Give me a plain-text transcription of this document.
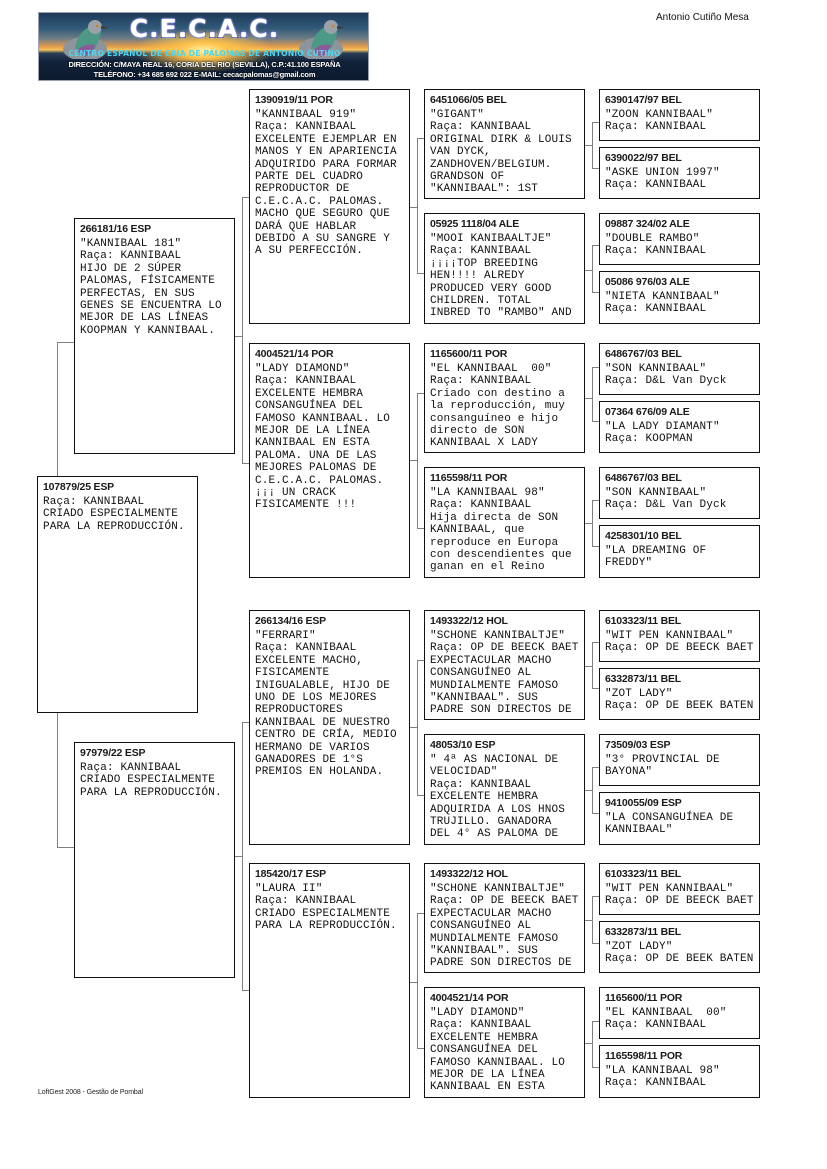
C.E.C.A.C.
CENTRO ESPAÑOL DE CRIA DE PALOMAS DE ANTONIO CUTIÑO
DIRECCIÓN: C/MAYA REAL 16, CORIA DEL RIO (SEVILLA), C.P.:41.100 ESPAÑA
TELÉFONO: +34 685 692 022 E-MAIL: cecacpalomas@gmail.com
Antonio Cutiño Mesa
107879/25 ESP
Raça: KANNIBAAL
CRIADO ESPECIALMENTE
PARA LA REPRODUCCIÓN.
266181/16 ESP
"KANNIBAAL 181"
Raça: KANNIBAAL
HIJO DE 2 SÚPER
PALOMAS, FÍSICAMENTE
PERFECTAS, EN SUS
GENES SE ENCUENTRA LO
MEJOR DE LAS LÍNEAS
KOOPMAN Y KANNIBAAL.
97979/22 ESP
Raça: KANNIBAAL
CRIADO ESPECIALMENTE
PARA LA REPRODUCCIÓN.
1390919/11 POR
"KANNIBAAL 919"
Raça: KANNIBAAL
EXCELENTE EJEMPLAR EN
MANOS Y EN APARIENCIA
ADQUIRIDO PARA FORMAR
PARTE DEL CUADRO
REPRODUCTOR DE
C.E.C.A.C. PALOMAS.
MACHO QUE SEGURO QUE
DARÁ QUE HABLAR
DEBIDO A SU SANGRE Y
A SU PERFECCIÓN.
4004521/14 POR
"LADY DIAMOND"
Raça: KANNIBAAL
EXCELENTE HEMBRA
CONSANGUÍNEA DEL
FAMOSO KANNIBAAL. LO
MEJOR DE LA LÍNEA
KANNIBAAL EN ESTA
PALOMA. UNA DE LAS
MEJORES PALOMAS DE
C.E.C.A.C. PALOMAS.
¡¡¡ UN CRACK
FISICAMENTE !!!
266134/16 ESP
"FERRARI"
Raça: KANNIBAAL
EXCELENTE MACHO,
FISICAMENTE
INIGUALABLE, HIJO DE
UNO DE LOS MEJORES
REPRODUCTORES
KANNIBAAL DE NUESTRO
CENTRO DE CRÍA, MEDIO
HERMANO DE VARIOS
GANADORES DE 1°S
PREMIOS EN HOLANDA.
185420/17 ESP
"LAURA II"
Raça: KANNIBAAL
CRIADO ESPECIALMENTE
PARA LA REPRODUCCIÓN.
6451066/05 BEL
"GIGANT"
Raça: KANNIBAAL
ORIGINAL DIRK & LOUIS
VAN DYCK,
ZANDHOVEN/BELGIUM.
GRANDSON OF
"KANNIBAAL": 1ST
05925 1118/04 ALE
"MOOI KANIBAALTJE"
Raça: KANNIBAAL
¡¡¡¡TOP BREEDING
HEN!!!! ALREDY
PRODUCED VERY GOOD
CHILDREN. TOTAL
INBRED TO "RAMBO" AND
1165600/11 POR
"EL KANNIBAAL  00"
Raça: KANNIBAAL
Criado con destino a
la reproducción, muy
consanguíneo e hijo
directo de SON
KANNIBAAL X LADY
1165598/11 POR
"LA KANNIBAAL 98"
Raça: KANNIBAAL
Hija directa de SON
KANNIBAAL, que
reproduce en Europa
con descendientes que
ganan en el Reino
1493322/12 HOL
"SCHONE KANNIBALTJE"
Raça: OP DE BEECK BAET
EXPECTACULAR MACHO
CONSANGUÍNEO AL
MUNDIALMENTE FAMOSO
"KANNIBAAL". SUS
PADRE SON DIRECTOS DE
48053/10 ESP
" 4ª AS NACIONAL DE
VELOCIDAD"
Raça: KANNIBAAL
EXCELENTE HEMBRA
ADQUIRIDA A LOS HNOS
TRUJILLO. GANADORA
DEL 4° AS PALOMA DE
1493322/12 HOL
"SCHONE KANNIBALTJE"
Raça: OP DE BEECK BAET
EXPECTACULAR MACHO
CONSANGUÍNEO AL
MUNDIALMENTE FAMOSO
"KANNIBAAL". SUS
PADRE SON DIRECTOS DE
4004521/14 POR
"LADY DIAMOND"
Raça: KANNIBAAL
EXCELENTE HEMBRA
CONSANGUÍNEA DEL
FAMOSO KANNIBAAL. LO
MEJOR DE LA LÍNEA
KANNIBAAL EN ESTA
6390147/97 BEL
"ZOON KANNIBAAL"
Raça: KANNIBAAL
6390022/97 BEL
"ASKE UNION 1997"
Raça: KANNIBAAL
09887 324/02 ALE
"DOUBLE RAMBO"
Raça: KANNIBAAL
05086 976/03 ALE
"NIETA KANNIBAAL"
Raça: KANNIBAAL
6486767/03 BEL
"SON KANNIBAAL"
Raça: D&L Van Dyck
07364 676/09 ALE
"LA LADY DIAMANT"
Raça: KOOPMAN
6486767/03 BEL
"SON KANNIBAAL"
Raça: D&L Van Dyck
4258301/10 BEL
"LA DREAMING OF
FREDDY"
6103323/11 BEL
"WIT PEN KANNIBAAL"
Raça: OP DE BEECK BAET
6332873/11 BEL
"ZOT LADY"
Raça: OP DE BEEK BATEN
73509/03 ESP
"3° PROVINCIAL DE
BAYONA"
9410055/09 ESP
"LA CONSANGUÍNEA DE
KANNIBAAL"
6103323/11 BEL
"WIT PEN KANNIBAAL"
Raça: OP DE BEECK BAET
6332873/11 BEL
"ZOT LADY"
Raça: OP DE BEEK BATEN
1165600/11 POR
"EL KANNIBAAL  00"
Raça: KANNIBAAL
1165598/11 POR
"LA KANNIBAAL 98"
Raça: KANNIBAAL
LoftGest 2008 - Gestão de Pombal
